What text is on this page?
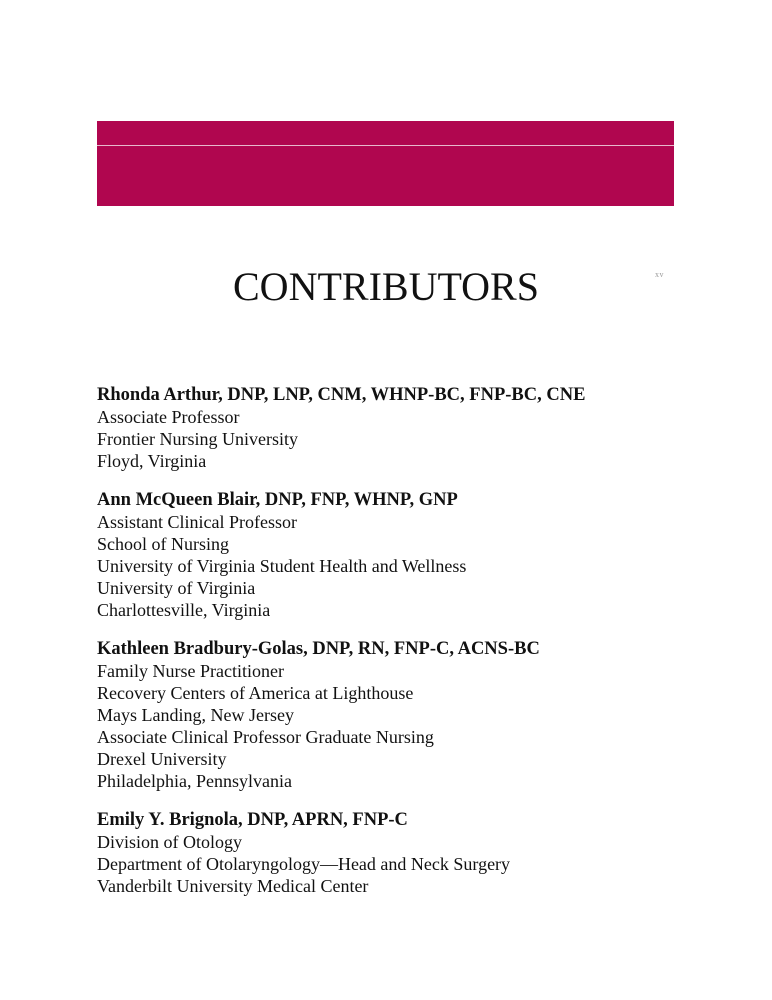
CONTRIBUTORS	xv
Rhonda Arthur, DNP, LNP, CNM, WHNP-BC, FNP-BC, CNE
Associate Professor
Frontier Nursing University
Floyd, Virginia
Ann McQueen Blair, DNP, FNP, WHNP, GNP
Assistant Clinical Professor
School of Nursing
University of Virginia Student Health and Wellness
University of Virginia
Charlottesville, Virginia
Kathleen Bradbury-Golas, DNP, RN, FNP-C, ACNS-BC
Family Nurse Practitioner
Recovery Centers of America at Lighthouse
Mays Landing, New Jersey
Associate Clinical Professor Graduate Nursing
Drexel University
Philadelphia, Pennsylvania
Emily Y. Brignola, DNP, APRN, FNP-C
Division of Otology
Department of Otolaryngology—Head and Neck Surgery
Vanderbilt University Medical Center
